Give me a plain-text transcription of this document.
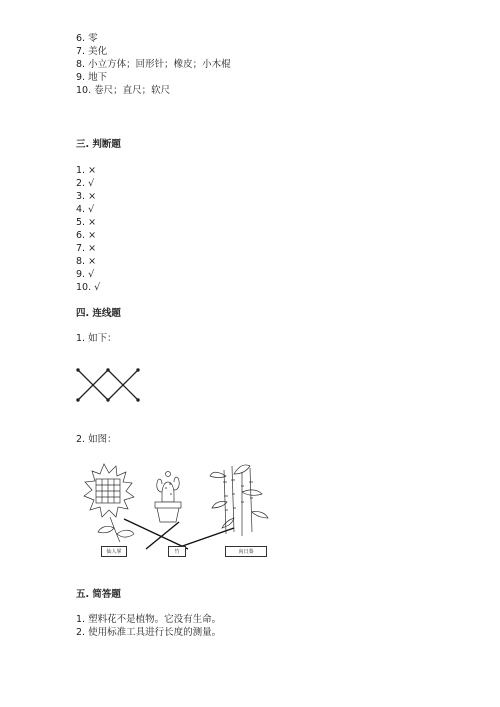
6. 零
7. 美化
8. 小立方体；回形针；橡皮；小木棍
9. 地下
10. 卷尺；直尺；软尺
三. 判断题
1. ×
2. √
3. ×
4. √
5. ×
6. ×
7. ×
8. ×
9. √
10. √
四. 连线题
1. 如下：
2. 如图：
仙人掌	竹	向日葵
五. 简答题
1. 塑料花不是植物。它没有生命。
2. 使用标准工具进行长度的测量。
